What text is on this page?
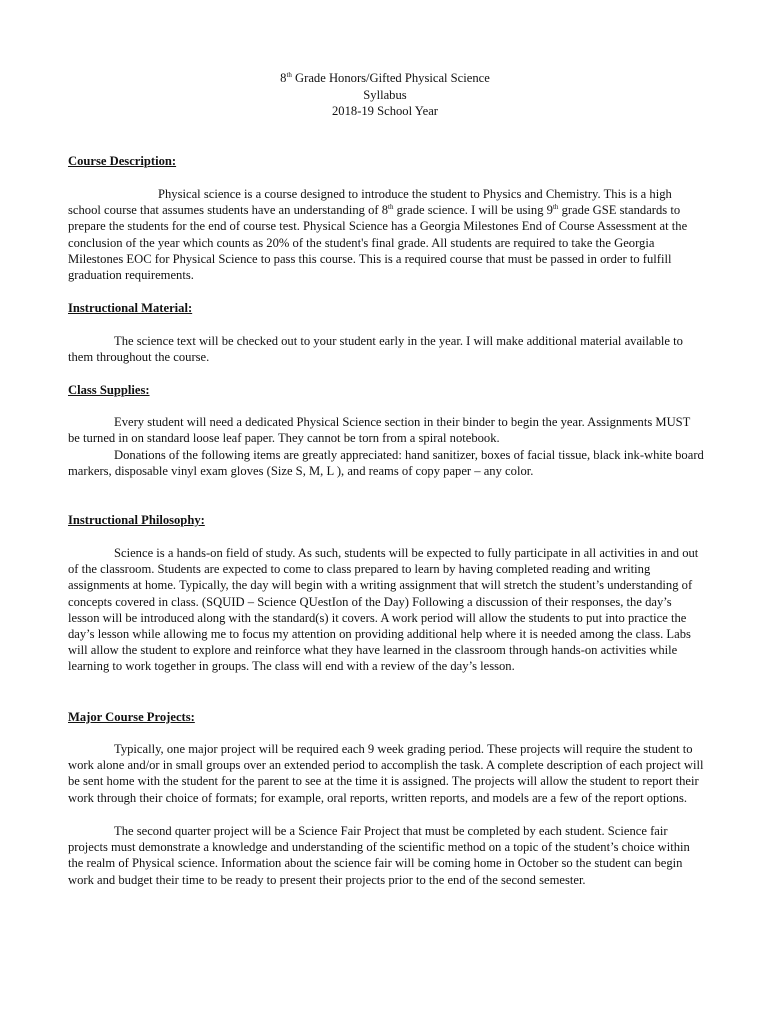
8th Grade Honors/Gifted Physical Science
Syllabus
2018-19 School Year
Course Description:
Physical science is a course designed to introduce the student to Physics and Chemistry. This is a high school course that assumes students have an understanding of 8th grade science. I will be using 9th grade GSE standards to prepare the students for the end of course test. Physical Science has a Georgia Milestones End of Course Assessment at the conclusion of the year which counts as 20% of the student's final grade. All students are required to take the Georgia Milestones EOC for Physical Science to pass this course. This is a required course that must be passed in order to fulfill graduation requirements.
Instructional Material:
The science text will be checked out to your student early in the year. I will make additional material available to them throughout the course.
Class Supplies:
Every student will need a dedicated Physical Science section in their binder to begin the year. Assignments MUST be turned in on standard loose leaf paper. They cannot be torn from a spiral notebook.
Donations of the following items are greatly appreciated: hand sanitizer, boxes of facial tissue, black ink-white board markers, disposable vinyl exam gloves (Size S, M, L ), and reams of copy paper – any color.
Instructional Philosophy:
Science is a hands-on field of study. As such, students will be expected to fully participate in all activities in and out of the classroom. Students are expected to come to class prepared to learn by having completed reading and writing assignments at home. Typically, the day will begin with a writing assignment that will stretch the student’s understanding of concepts covered in class. (SQUID – Science QUestIon of the Day) Following a discussion of their responses, the day’s lesson will be introduced along with the standard(s) it covers. A work period will allow the students to put into practice the day’s lesson while allowing me to focus my attention on providing additional help where it is needed among the class. Labs will allow the student to explore and reinforce what they have learned in the classroom through hands-on activities while learning to work together in groups. The class will end with a review of the day’s lesson.
Major Course Projects:
Typically, one major project will be required each 9 week grading period. These projects will require the student to work alone and/or in small groups over an extended period to accomplish the task. A complete description of each project will be sent home with the student for the parent to see at the time it is assigned. The projects will allow the student to report their work through their choice of formats; for example, oral reports, written reports, and models are a few of the report options.
The second quarter project will be a Science Fair Project that must be completed by each student. Science fair projects must demonstrate a knowledge and understanding of the scientific method on a topic of the student’s choice within the realm of Physical science. Information about the science fair will be coming home in October so the student can begin work and budget their time to be ready to present their projects prior to the end of the second semester.
